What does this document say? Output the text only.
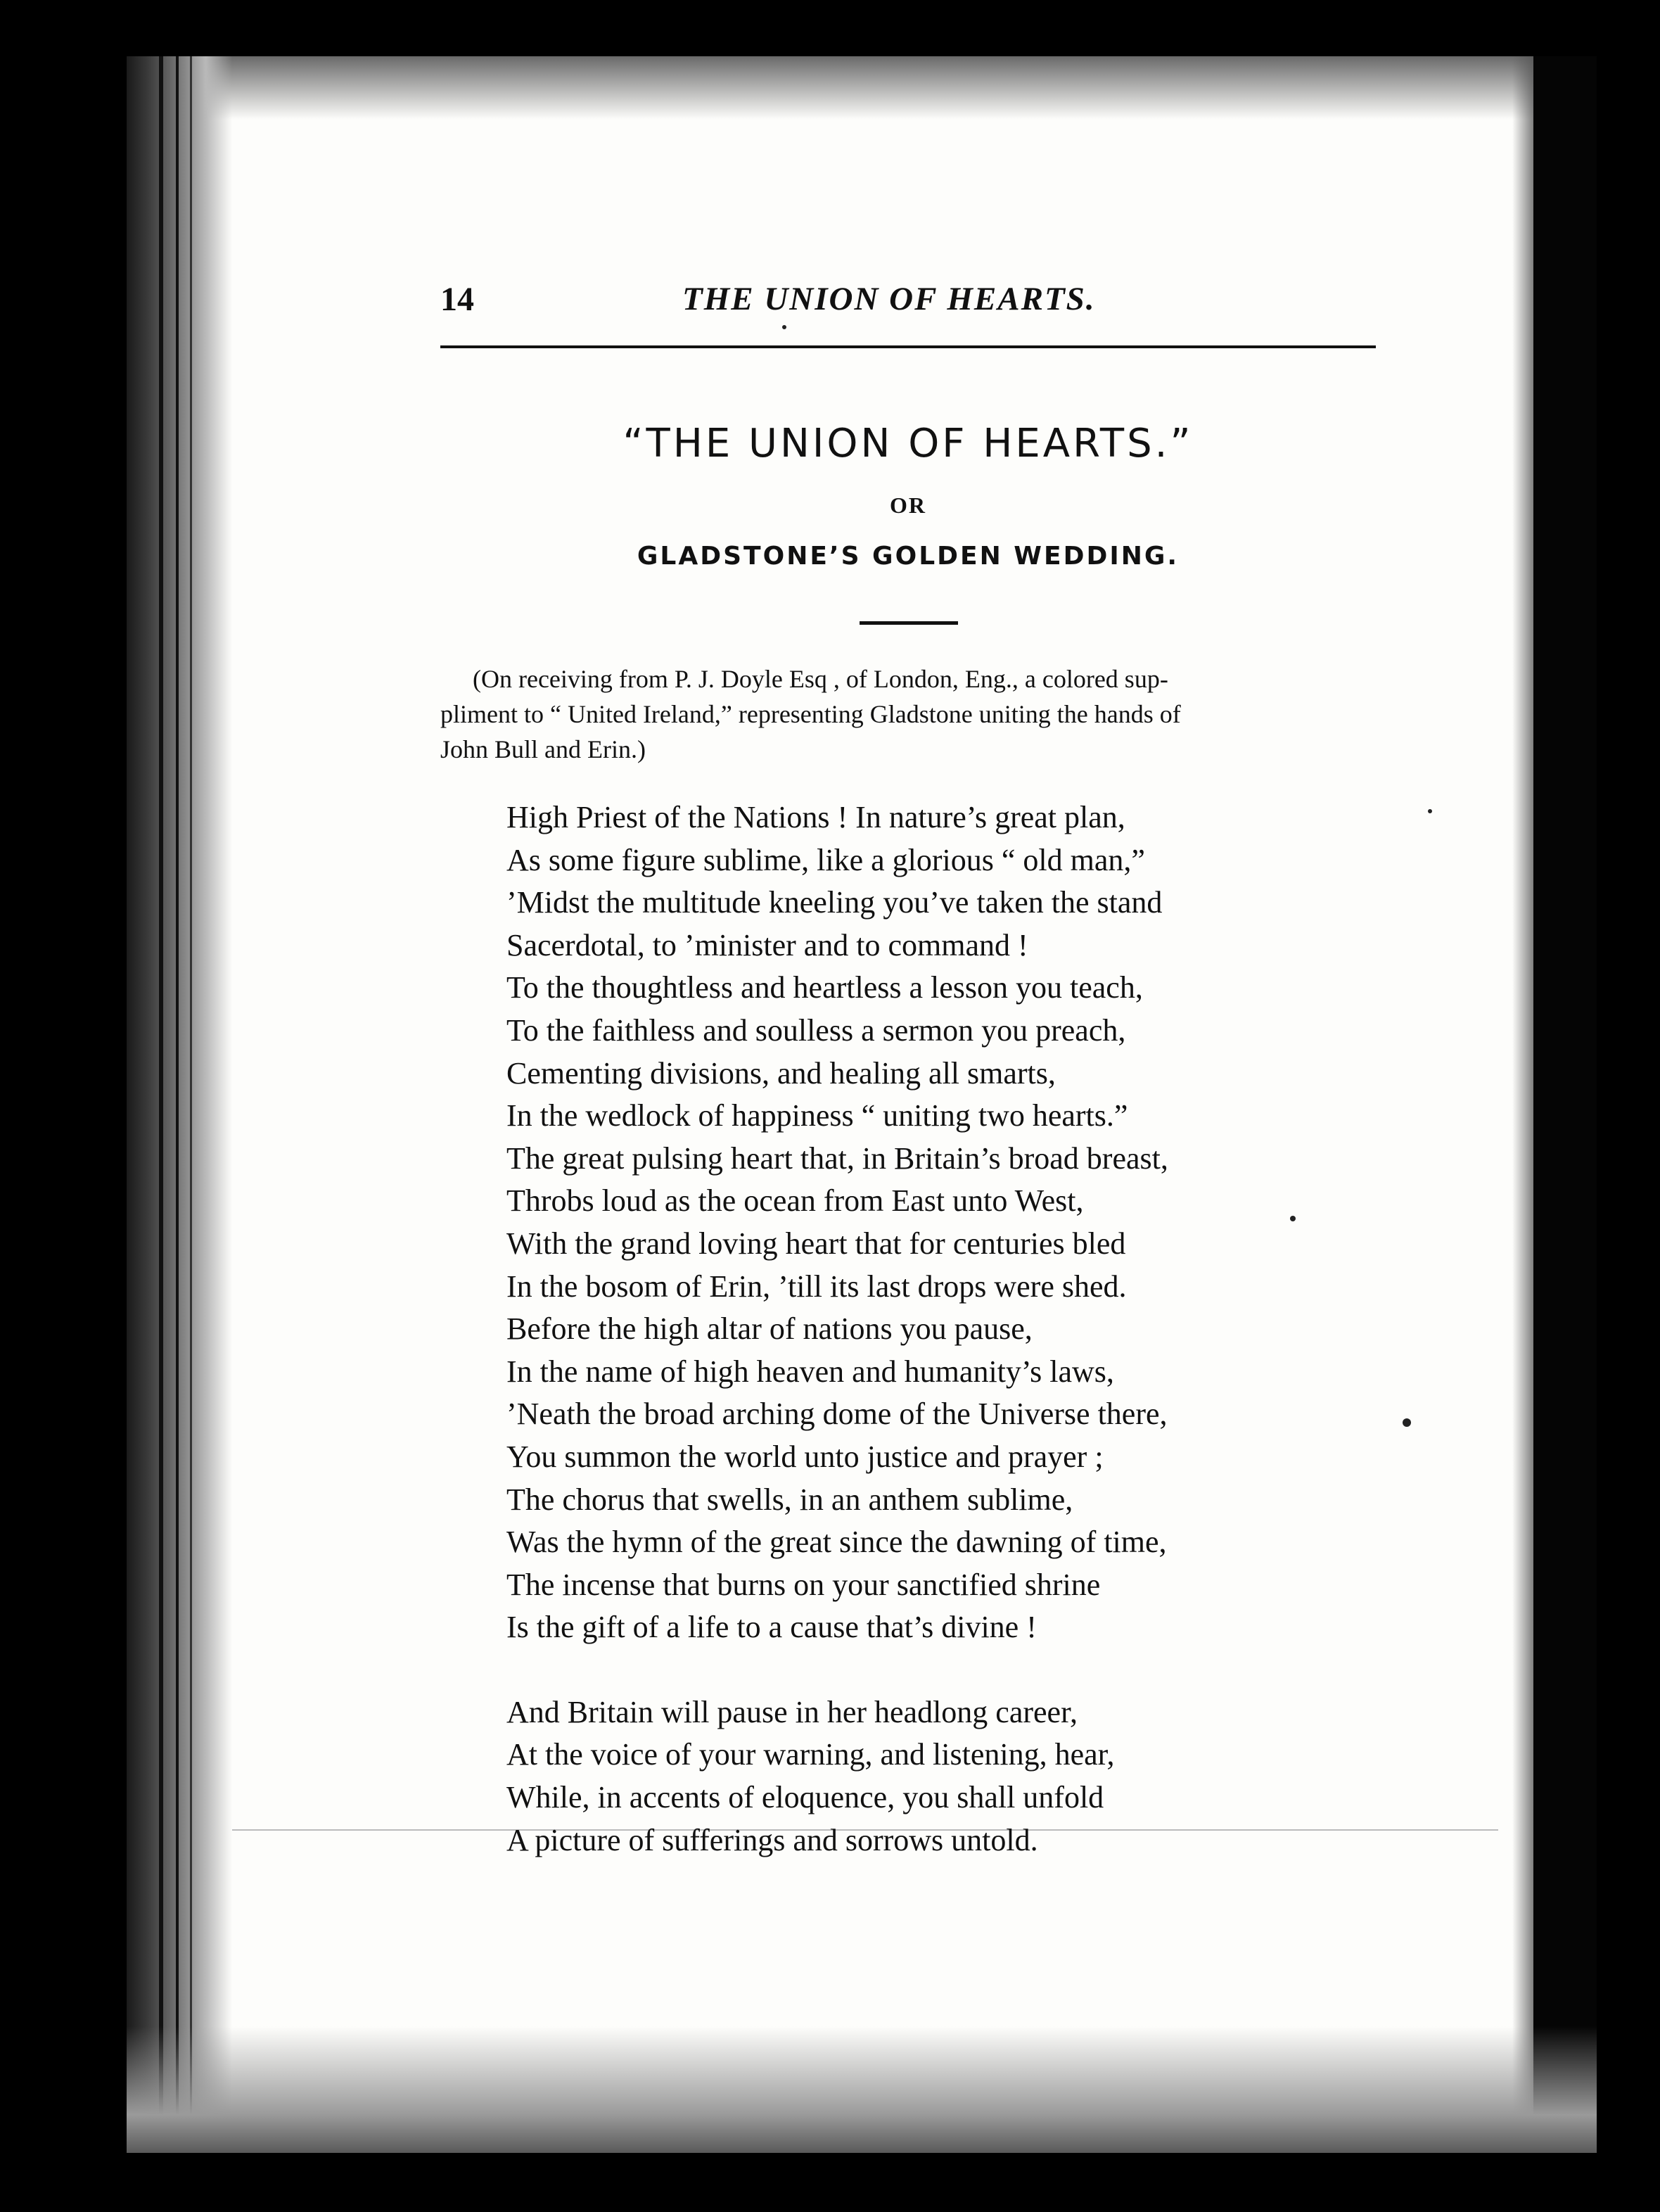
14	THE UNION OF HEARTS.
“THE UNION OF HEARTS.”
OR
GLADSTONE’S GOLDEN WEDDING.
(On receiving from P. J. Doyle Esq , of London, Eng., a colored sup-
pliment to “ United Ireland,” representing Gladstone uniting the hands of
John Bull and Erin.)
High Priest of the Nations ! In nature’s great plan,
As some figure sublime, like a glorious “ old man,”
’Midst the multitude kneeling you’ve taken the stand
Sacerdotal, to ’minister and to command !
To the thoughtless and heartless a lesson you teach,
To the faithless and soulless a sermon you preach,
Cementing divisions, and healing all smarts,
In the wedlock of happiness “ uniting two hearts.”
The great pulsing heart that, in Britain’s broad breast,
Throbs loud as the ocean from East unto West,
With the grand loving heart that for centuries bled
In the bosom of Erin, ’till its last drops were shed.
Before the high altar of nations you pause,
In the name of high heaven and humanity’s laws,
’Neath the broad arching dome of the Universe there,
You summon the world unto justice and prayer ;
The chorus that swells, in an anthem sublime,
Was the hymn of the great since the dawning of time,
The incense that burns on your sanctified shrine
Is the gift of a life to a cause that’s divine !
And Britain will pause in her headlong career,
At the voice of your warning, and listening, hear,
While, in accents of eloquence, you shall unfold
A picture of sufferings and sorrows untold.
